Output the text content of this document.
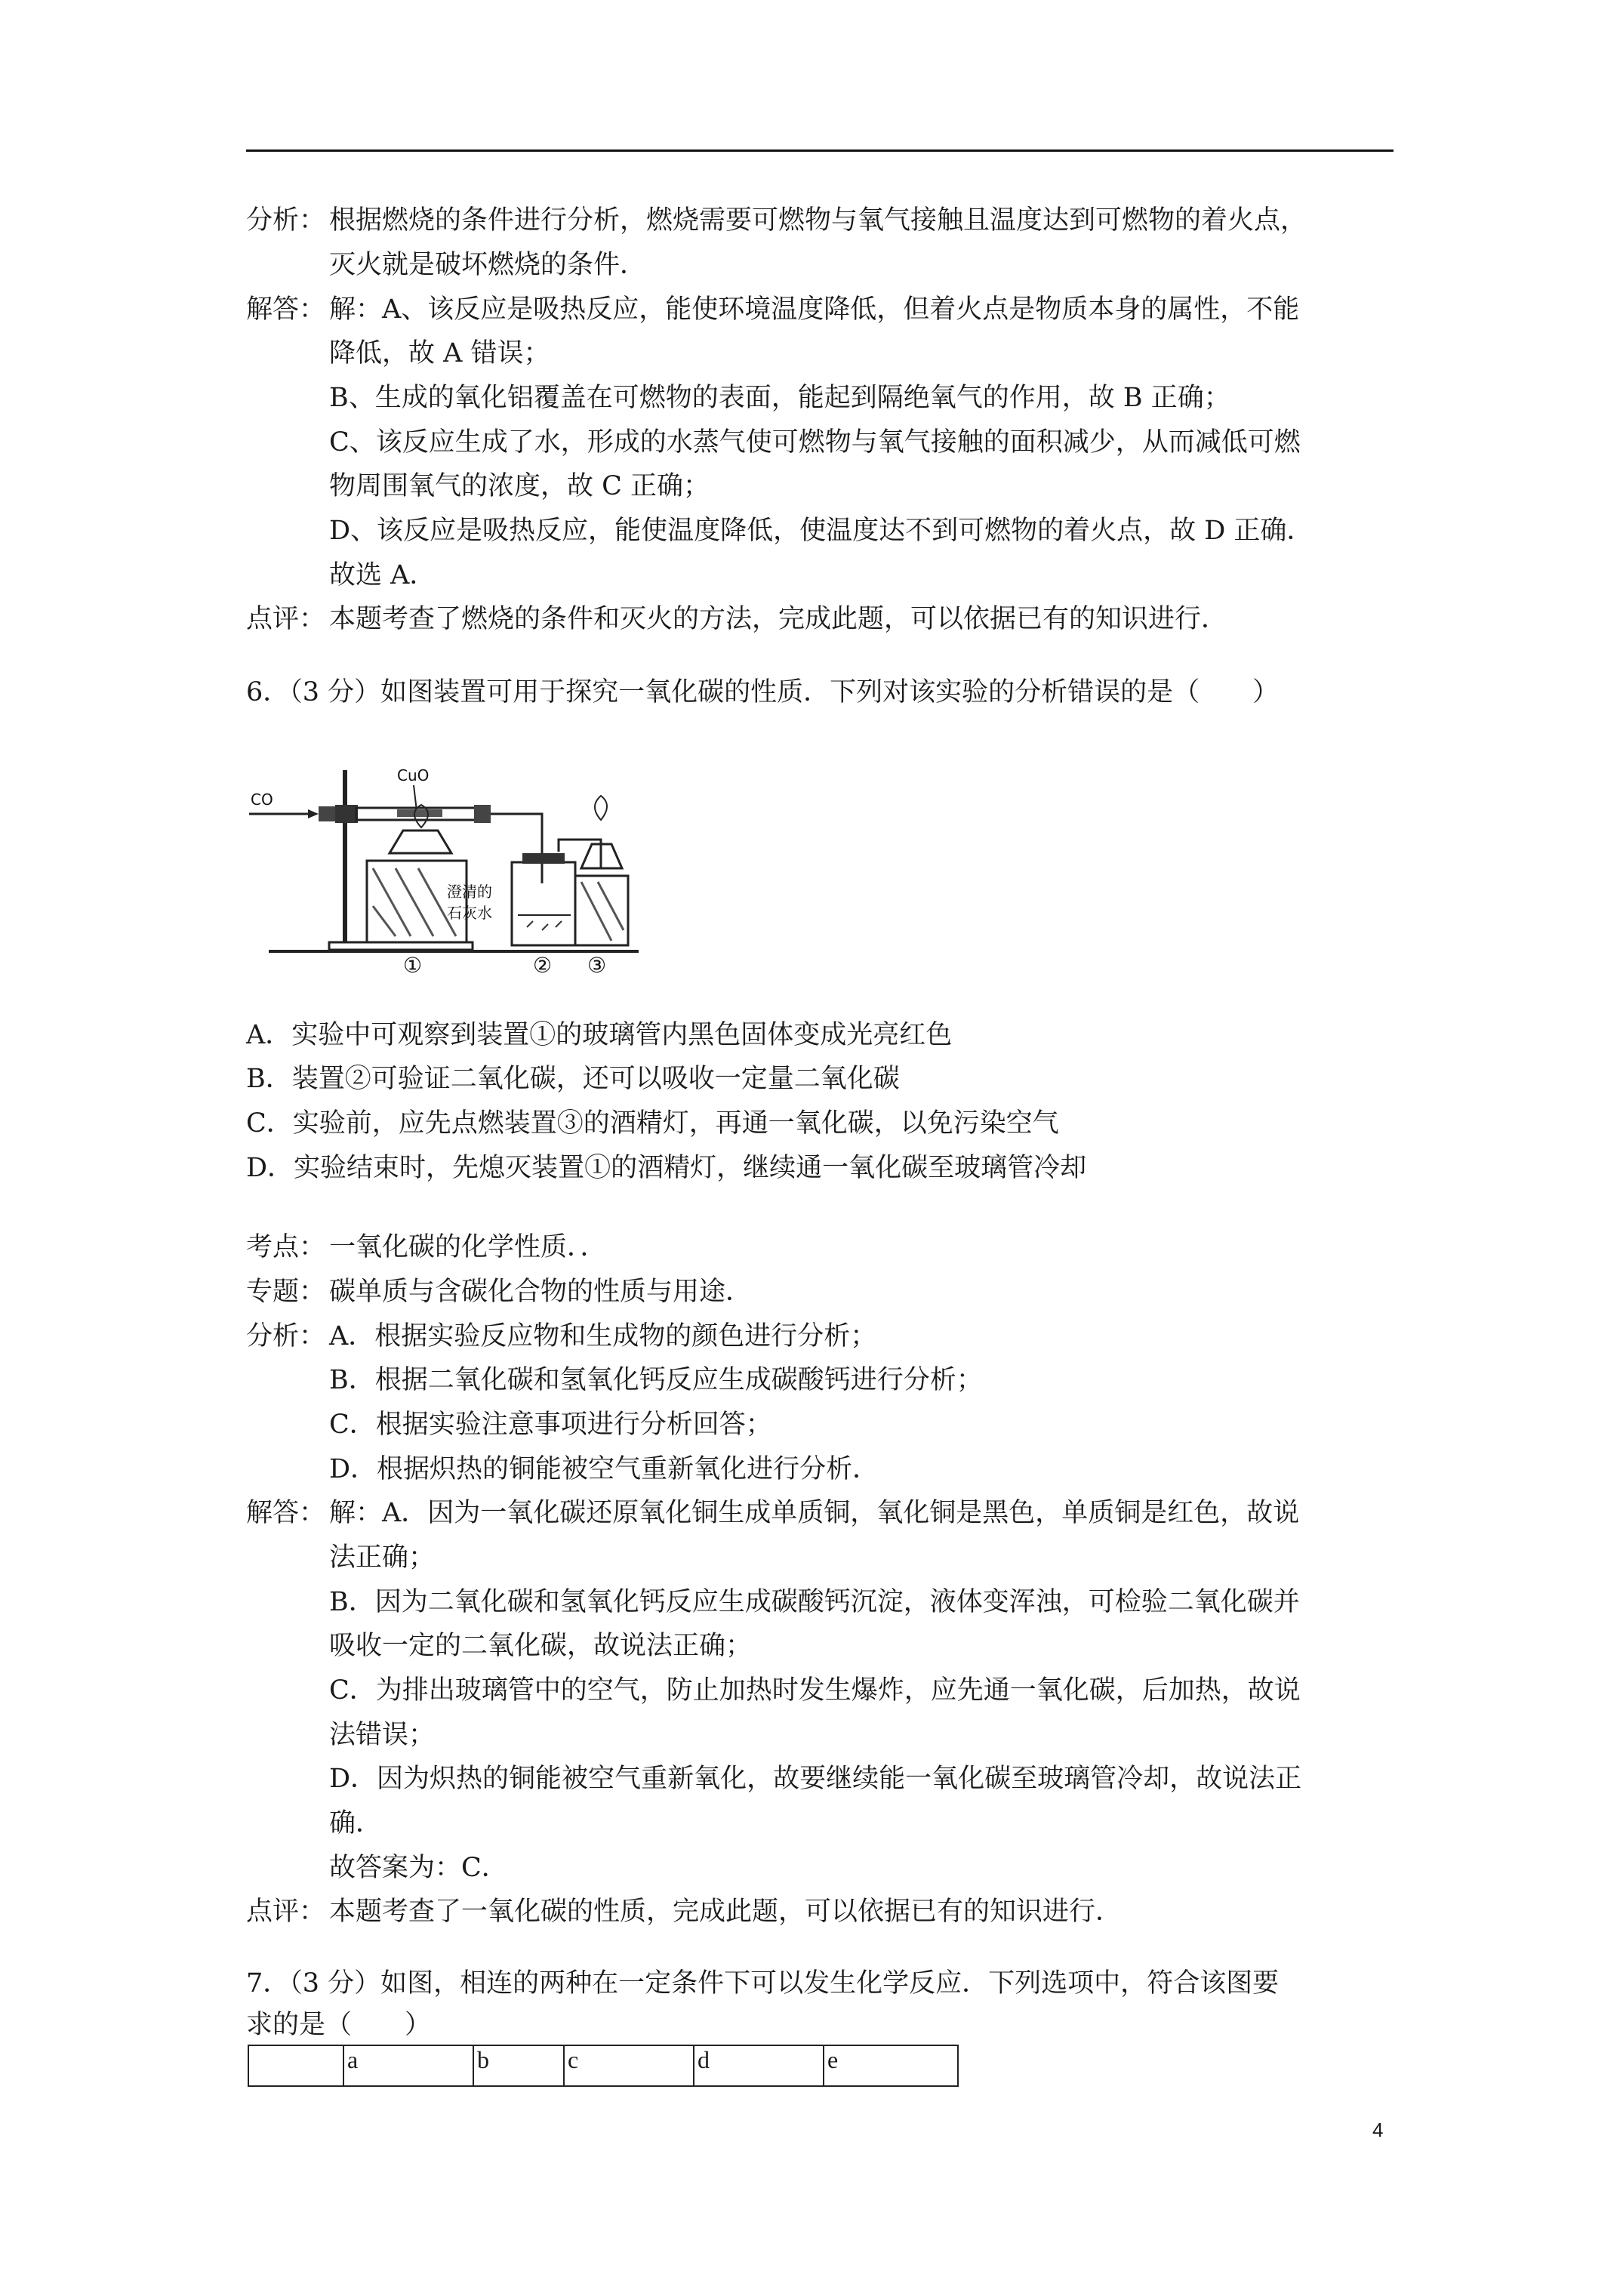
分析： 根据燃烧的条件进行分析，燃烧需要可燃物与氧气接触且温度达到可燃物的着火点，
灭火就是破坏燃烧的条件．
解答： 解：A、该反应是吸热反应，能使环境温度降低，但着火点是物质本身的属性，不能
降低，故 A 错误；
B、生成的氧化铝覆盖在可燃物的表面，能起到隔绝氧气的作用，故 B 正确；
C、该反应生成了水，形成的水蒸气使可燃物与氧气接触的面积减少，从而减低可燃
物周围氧气的浓度，故 C 正确；
D、该反应是吸热反应，能使温度降低，使温度达不到可燃物的着火点，故 D 正确．
故选 A．
点评： 本题考查了燃烧的条件和灭火的方法，完成此题，可以依据已有的知识进行．
6．（3 分）如图装置可用于探究一氧化碳的性质．下列对该实验的分析错误的是（　　）
CO
CuO
澄清的
石灰水
①	② ③
A．实验中可观察到装置①的玻璃管内黑色固体变成光亮红色
B．装置②可验证二氧化碳，还可以吸收一定量二氧化碳
C．实验前，应先点燃装置③的酒精灯，再通一氧化碳，以免污染空气
D．实验结束时，先熄灭装置①的酒精灯，继续通一氧化碳至玻璃管冷却
考点： 一氧化碳的化学性质．．
专题： 碳单质与含碳化合物的性质与用途．
分析： A．根据实验反应物和生成物的颜色进行分析；
B．根据二氧化碳和氢氧化钙反应生成碳酸钙进行分析；
C．根据实验注意事项进行分析回答；
D．根据炽热的铜能被空气重新氧化进行分析．
解答： 解：A．因为一氧化碳还原氧化铜生成单质铜，氧化铜是黑色，单质铜是红色，故说
法正确；
B．因为二氧化碳和氢氧化钙反应生成碳酸钙沉淀，液体变浑浊，可检验二氧化碳并
吸收一定的二氧化碳，故说法正确；
C．为排出玻璃管中的空气，防止加热时发生爆炸，应先通一氧化碳，后加热，故说
法错误；
D．因为炽热的铜能被空气重新氧化，故要继续能一氧化碳至玻璃管冷却，故说法正
确．
故答案为：C．
点评： 本题考查了一氧化碳的性质，完成此题，可以依据已有的知识进行．
7．（3 分）如图，相连的两种在一定条件下可以发生化学反应．下列选项中，符合该图要
求的是（　　）
	a	b	c	d	e
4
